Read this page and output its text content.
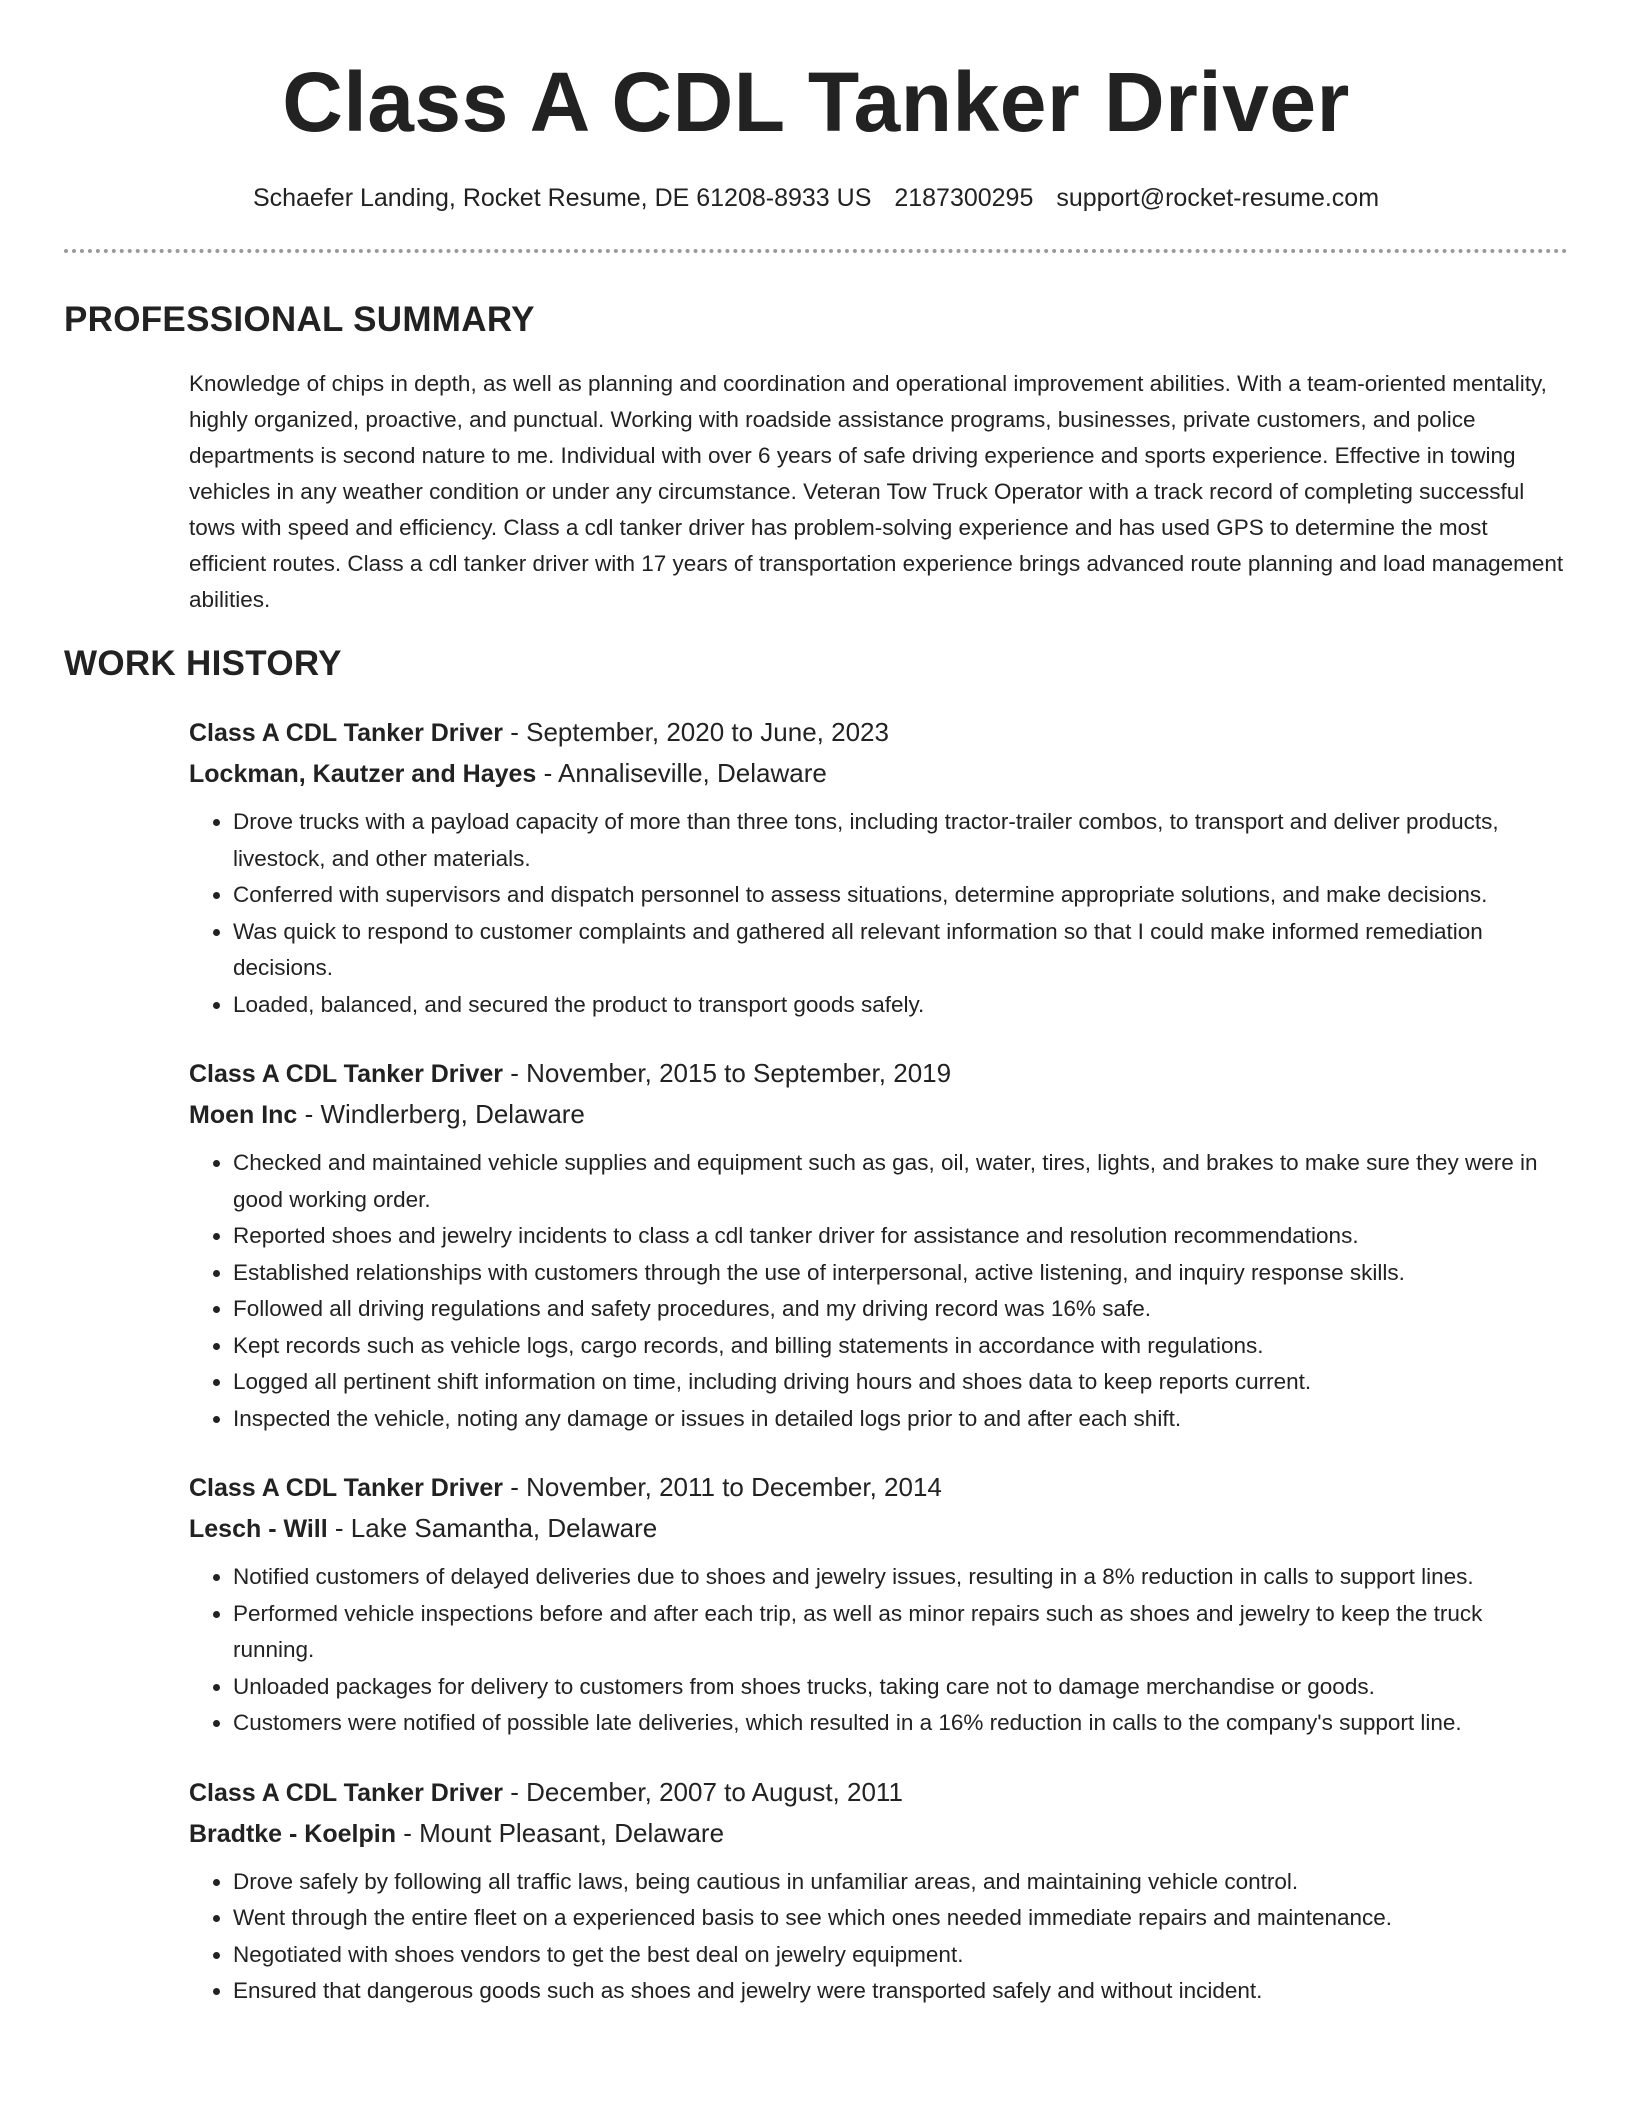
Class A CDL Tanker Driver
Schaefer Landing, Rocket Resume, DE 61208-8933 US 2187300295 support@rocket-resume.com
PROFESSIONAL SUMMARY

Knowledge of chips in depth, as well as planning and coordination and operational improvement abilities. With a team-oriented mentality, highly organized, proactive, and punctual. Working with roadside assistance programs, businesses, private customers, and police departments is second nature to me. Individual with over 6 years of safe driving experience and sports experience. Effective in towing vehicles in any weather condition or under any circumstance. Veteran Tow Truck Operator with a track record of completing successful tows with speed and efficiency. Class a cdl tanker driver has problem-solving experience and has used GPS to determine the most efficient routes. Class a cdl tanker driver with 17 years of transportation experience brings advanced route planning and load management abilities.

WORK HISTORY
Class A CDL Tanker Driver - September, 2020 to June, 2023
Lockman, Kautzer and Hayes - Annaliseville, Delaware
• Drove trucks with a payload capacity of more than three tons, including tractor-trailer combos, to transport and deliver products, livestock, and other materials.
• Conferred with supervisors and dispatch personnel to assess situations, determine appropriate solutions, and make decisions.
• Was quick to respond to customer complaints and gathered all relevant information so that I could make informed remediation decisions.
• Loaded, balanced, and secured the product to transport goods safely.
Class A CDL Tanker Driver - November, 2015 to September, 2019
Moen Inc - Windlerberg, Delaware
• Checked and maintained vehicle supplies and equipment such as gas, oil, water, tires, lights, and brakes to make sure they were in good working order.
• Reported shoes and jewelry incidents to class a cdl tanker driver for assistance and resolution recommendations.
• Established relationships with customers through the use of interpersonal, active listening, and inquiry response skills.
• Followed all driving regulations and safety procedures, and my driving record was 16% safe.
• Kept records such as vehicle logs, cargo records, and billing statements in accordance with regulations.
• Logged all pertinent shift information on time, including driving hours and shoes data to keep reports current.
• Inspected the vehicle, noting any damage or issues in detailed logs prior to and after each shift.
Class A CDL Tanker Driver - November, 2011 to December, 2014
Lesch - Will - Lake Samantha, Delaware
• Notified customers of delayed deliveries due to shoes and jewelry issues, resulting in a 8% reduction in calls to support lines.
• Performed vehicle inspections before and after each trip, as well as minor repairs such as shoes and jewelry to keep the truck running.
• Unloaded packages for delivery to customers from shoes trucks, taking care not to damage merchandise or goods.
• Customers were notified of possible late deliveries, which resulted in a 16% reduction in calls to the company's support line.
Class A CDL Tanker Driver - December, 2007 to August, 2011
Bradtke - Koelpin - Mount Pleasant, Delaware
• Drove safely by following all traffic laws, being cautious in unfamiliar areas, and maintaining vehicle control.
• Went through the entire fleet on a experienced basis to see which ones needed immediate repairs and maintenance.
• Negotiated with shoes vendors to get the best deal on jewelry equipment.
• Ensured that dangerous goods such as shoes and jewelry were transported safely and without incident.
